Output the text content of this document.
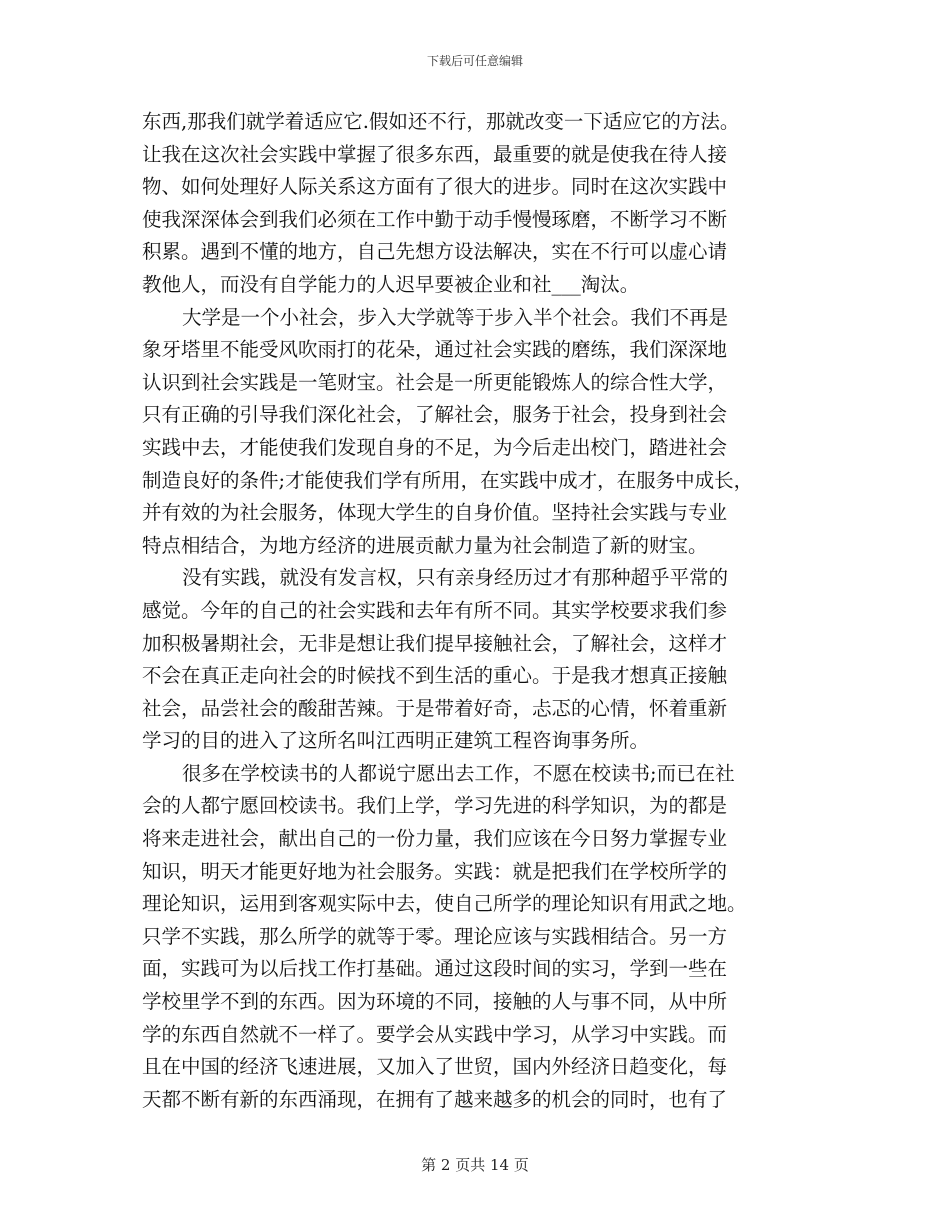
下载后可任意编辑
东西,那我们就学着适应它.假如还不行，那就改变一下适应它的方法。
让我在这次社会实践中掌握了很多东西，最重要的就是使我在待人接
物、如何处理好人际关系这方面有了很大的进步。同时在这次实践中
使我深深体会到我们必须在工作中勤于动手慢慢琢磨，不断学习不断
积累。遇到不懂的地方，自己先想方设法解决，实在不行可以虚心请
教他人，而没有自学能力的人迟早要被企业和社___淘汰。
大学是一个小社会，步入大学就等于步入半个社会。我们不再是
象牙塔里不能受风吹雨打的花朵，通过社会实践的磨练，我们深深地
认识到社会实践是一笔财宝。社会是一所更能锻炼人的综合性大学，
只有正确的引导我们深化社会，了解社会，服务于社会，投身到社会
实践中去，才能使我们发现自身的不足，为今后走出校门，踏进社会
制造良好的条件;才能使我们学有所用，在实践中成才，在服务中成长，
并有效的为社会服务，体现大学生的自身价值。坚持社会实践与专业
特点相结合，为地方经济的进展贡献力量为社会制造了新的财宝。
没有实践，就没有发言权，只有亲身经历过才有那种超乎平常的
感觉。今年的自己的社会实践和去年有所不同。其实学校要求我们参
加积极暑期社会，无非是想让我们提早接触社会，了解社会，这样才
不会在真正走向社会的时候找不到生活的重心。于是我才想真正接触
社会，品尝社会的酸甜苦辣。于是带着好奇，忐忑的心情，怀着重新
学习的目的进入了这所名叫江西明正建筑工程咨询事务所。
很多在学校读书的人都说宁愿出去工作，不愿在校读书;而已在社
会的人都宁愿回校读书。我们上学，学习先进的科学知识，为的都是
将来走进社会，献出自己的一份力量，我们应该在今日努力掌握专业
知识，明天才能更好地为社会服务。实践：就是把我们在学校所学的
理论知识，运用到客观实际中去，使自己所学的理论知识有用武之地。
只学不实践，那么所学的就等于零。理论应该与实践相结合。另一方
面，实践可为以后找工作打基础。通过这段时间的实习，学到一些在
学校里学不到的东西。因为环境的不同，接触的人与事不同，从中所
学的东西自然就不一样了。要学会从实践中学习，从学习中实践。而
且在中国的经济飞速进展，又加入了世贸，国内外经济日趋变化，每
天都不断有新的东西涌现，在拥有了越来越多的机会的同时，也有了
第 2 页共 14 页
